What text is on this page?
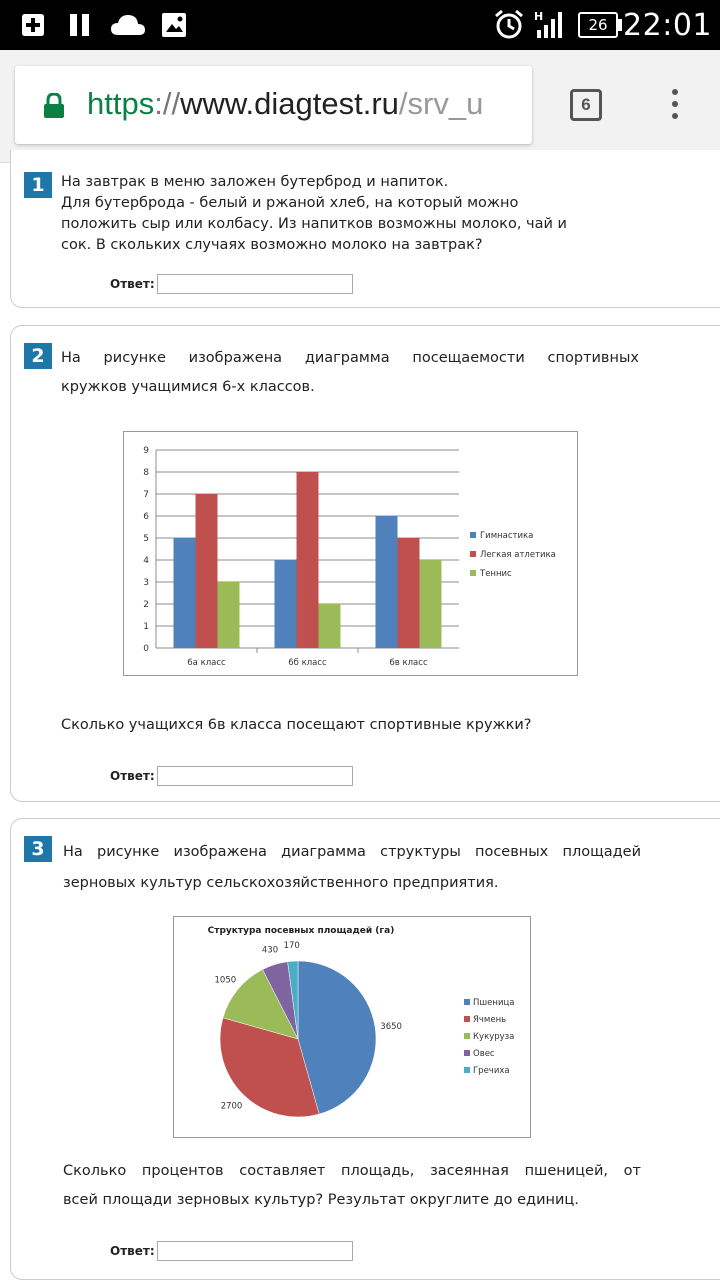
H	26 22:01
https://www.diagtest.ru/srv_u	6
1	На завтрак в меню заложен бутерброд и напиток.
Для бутерброда - белый и ржаной хлеб, на который можно
положить сыр или колбасу. Из напитков возможны молоко, чай и
сок. В скольких случаях возможно молоко на завтрак?
Ответ:
2	На рисунке изображена диаграмма посещаемости спортивных
кружков учащимися 6-х классов.
0
1
2
3
4
5
6
7
8
9
6а класс	6б класс	6в класс
Гимнастика
Легкая атлетика
Теннис
Сколько учащихся 6в класса посещают спортивные кружки?
Ответ:
3	На рисунке изображена диаграмма структуры посевных площадей
зерновых культур сельскохозяйственного предприятия.
Структура посевных площадей (га)
3650
2700
1050
430 170
Пшеница
Ячмень
Кукуруза
Овес
Гречиха
Сколько процентов составляет площадь, засеянная пшеницей, от
всей площади зерновых культур? Результат округлите до единиц.
Ответ:
